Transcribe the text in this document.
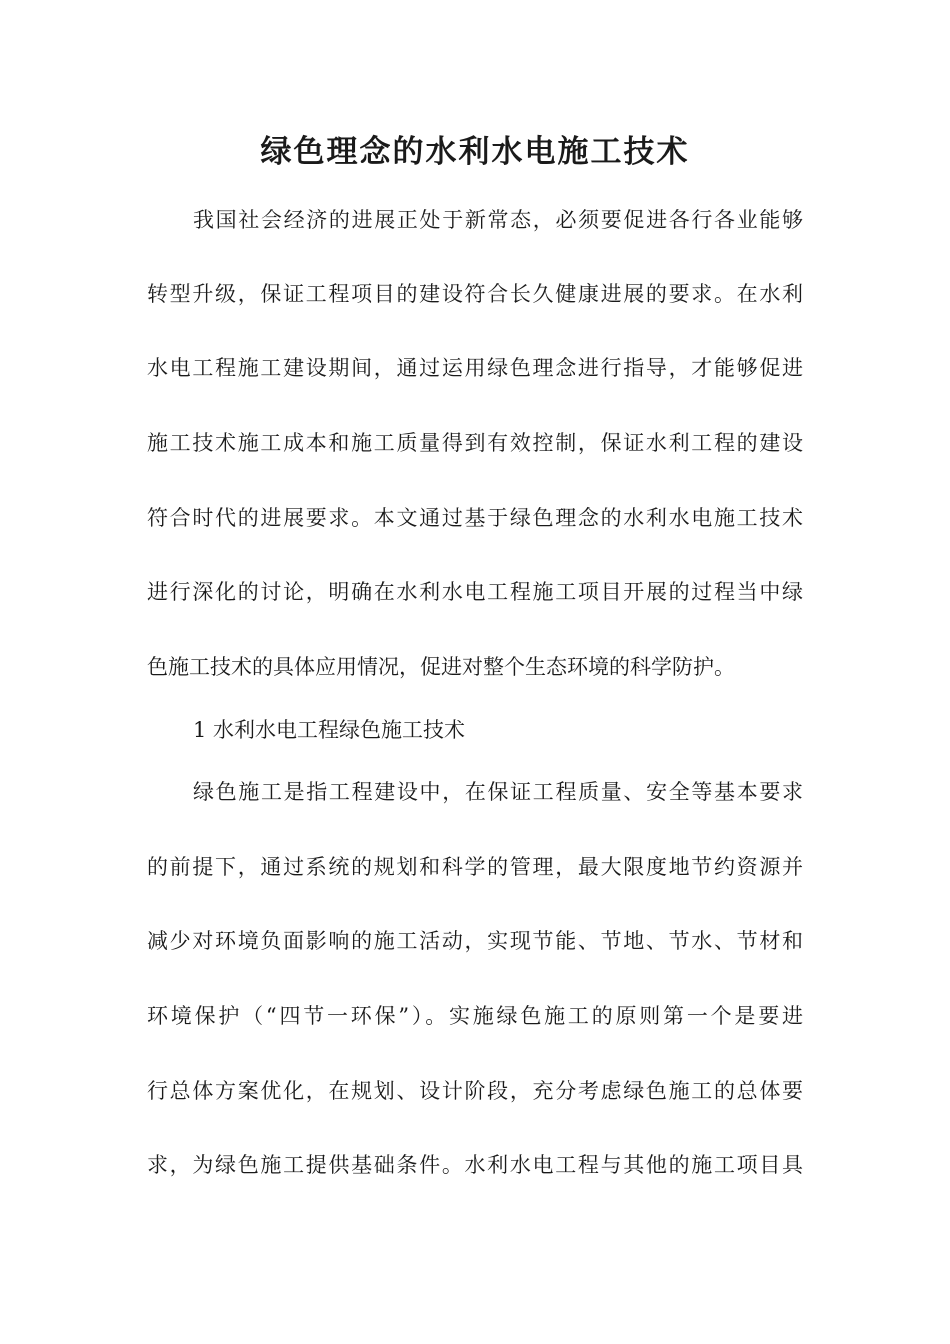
绿色理念的水利水电施工技术
我国社会经济的进展正处于新常态，必须要促进各行各业能够
转型升级，保证工程项目的建设符合长久健康进展的要求。在水利
水电工程施工建设期间，通过运用绿色理念进行指导，才能够促进
施工技术施工成本和施工质量得到有效控制，保证水利工程的建设
符合时代的进展要求。本文通过基于绿色理念的水利水电施工技术
进行深化的讨论，明确在水利水电工程施工项目开展的过程当中绿
色施工技术的具体应用情况，促进对整个生态环境的科学防护。
1 水利水电工程绿色施工技术
绿色施工是指工程建设中，在保证工程质量、安全等基本要求
的前提下，通过系统的规划和科学的管理，最大限度地节约资源并
减少对环境负面影响的施工活动，实现节能、节地、节水、节材和
环境保护（“四节一环保”）。实施绿色施工的原则第一个是要进
行总体方案优化，在规划、设计阶段，充分考虑绿色施工的总体要
求，为绿色施工提供基础条件。水利水电工程与其他的施工项目具
